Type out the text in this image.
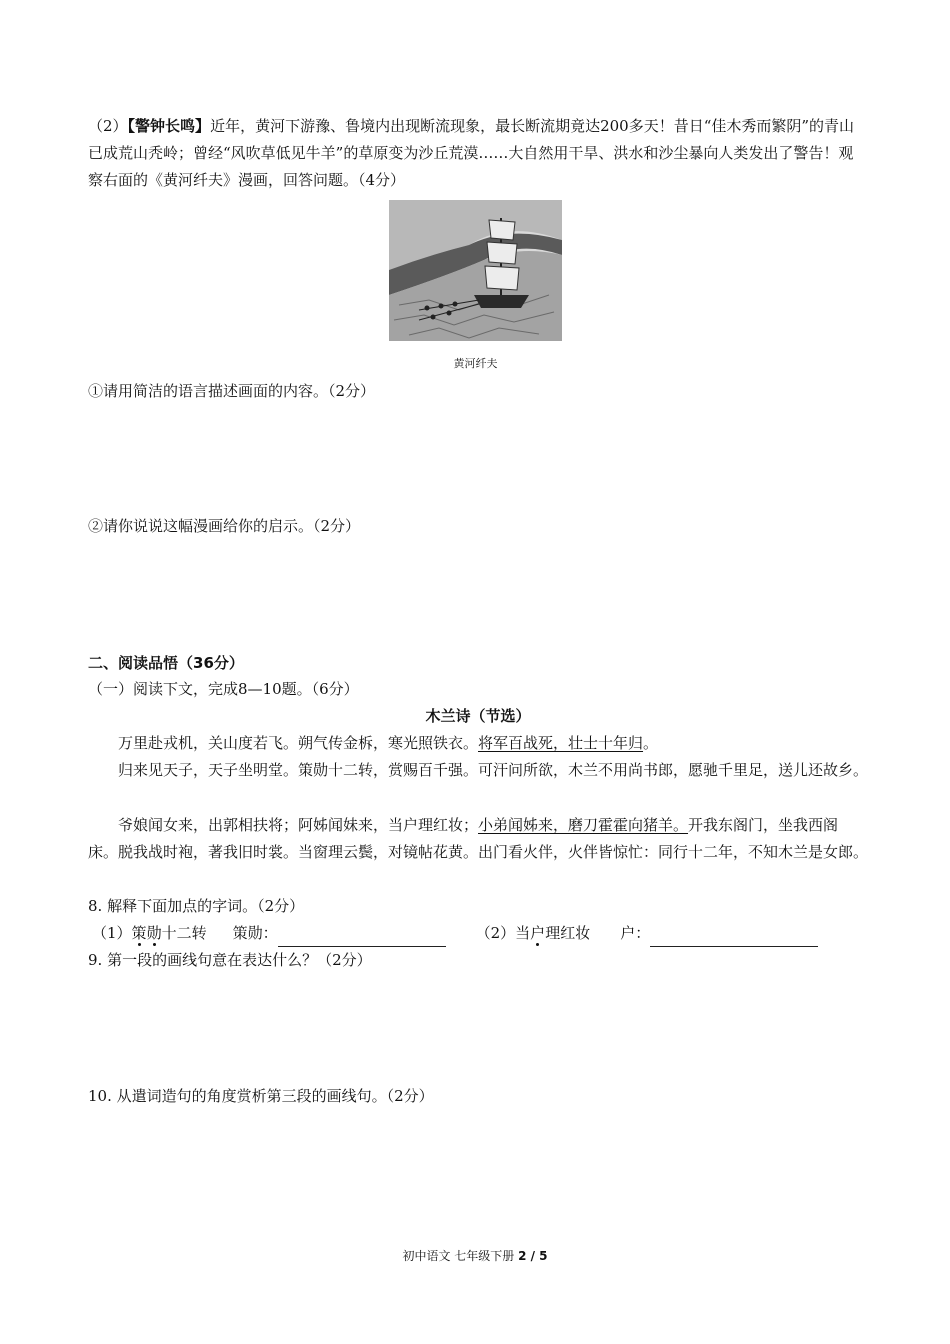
（2）【警钟长鸣】近年，黄河下游豫、鲁境内出现断流现象，最长断流期竟达200多天！昔日“佳木秀而繁阴”的青山已成荒山秃岭；曾经“风吹草低见牛羊”的草原变为沙丘荒漠……大自然用干旱、洪水和沙尘暴向人类发出了警告！观察右面的《黄河纤夫》漫画，回答问题。（4分）
黄河纤夫
①请用简洁的语言描述画面的内容。（2分）
②请你说说这幅漫画给你的启示。（2分）
二、阅读品悟（36分）
（一）阅读下文，完成8—10题。（6分）
木兰诗（节选）
万里赴戎机，关山度若飞。朔气传金柝，寒光照铁衣。将军百战死，壮士十年归。
归来见天子，天子坐明堂。策勋十二转，赏赐百千强。可汗问所欲，木兰不用尚书郎，愿驰千里足，送儿还故乡。
爷娘闻女来，出郭相扶将；阿姊闻妹来，当户理红妆；小弟闻姊来，磨刀霍霍向猪羊。开我东阁门，坐我西阁床。脱我战时袍，著我旧时裳。当窗理云鬓，对镜帖花黄。出门看火伴，火伴皆惊忙：同行十二年，不知木兰是女郎。
8. 解释下面加点的字词。（2分）
（1）策勋十二转 策勋：	（2）当户理红妆 户：
9. 第一段的画线句意在表达什么？（2分）
10. 从遣词造句的角度赏析第三段的画线句。（2分）
初中语文 七年级下册 2 / 5
